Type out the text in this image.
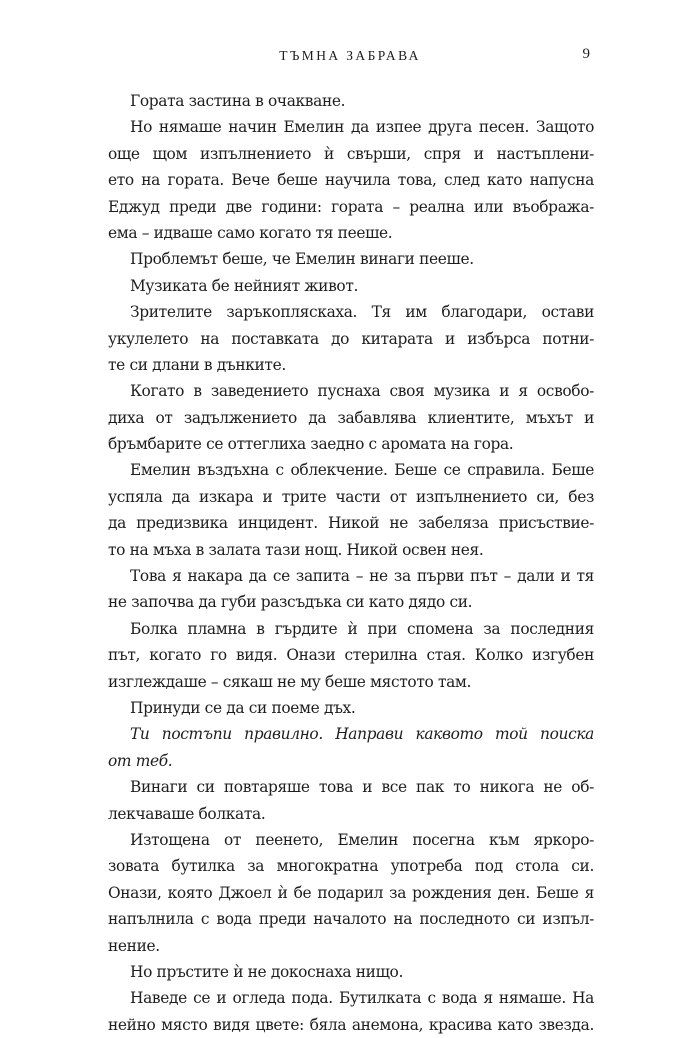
ТЪМНА ЗАБРАВА	9
Гората застина в очакване.
Но нямаше начин Емелин да изпее друга песен. Защото
още щом изпълнението ѝ свърши, спря и настъплени-
ето на гората. Вече беше научила това, след като напусна
Еджуд преди две години: гората – реална или въобража-
ема – идваше само когато тя пееше.
Проблемът беше, че Емелин винаги пееше.
Музиката бе нейният живот.
Зрителите заръкопляскаха. Тя им благодари, остави
укулелето на поставката до китарата и избърса потни-
те си длани в дънките.
Когато в заведението пуснаха своя музика и я освобо-
диха от задължението да забавлява клиентите, мъхът и
бръмбарите се оттеглиха заедно с аромата на гора.
Емелин въздъхна с облекчение. Беше се справила. Беше
успяла да изкара и трите части от изпълнението си, без
да предизвика инцидент. Никой не забеляза присъствие-
то на мъха в залата тази нощ. Никой освен нея.
Това я накара да се запита – не за първи път – дали и тя
не започва да губи разсъдъка си като дядо си.
Болка пламна в гърдите ѝ при спомена за последния
път, когато го видя. Онази стерилна стая. Колко изгубен
изглеждаше – сякаш не му беше мястото там.
Принуди се да си поеме дъх.
Ти постъпи правилно. Направи каквото той поиска
от теб.
Винаги си повтаряше това и все пак то никога не об-
лекчаваше болката.
Изтощена от пеенето, Емелин посегна към яркоро-
зовата бутилка за многократна употреба под стола си.
Онази, която Джоел ѝ бе подарил за рождения ден. Беше я
напълнила с вода преди началото на последното си изпъл-
нение.
Но пръстите ѝ не докоснаха нищо.
Наведе се и огледа пода. Бутилката с вода я нямаше. На
нейно място видя цвете: бяла анемона, красива като звезда.
